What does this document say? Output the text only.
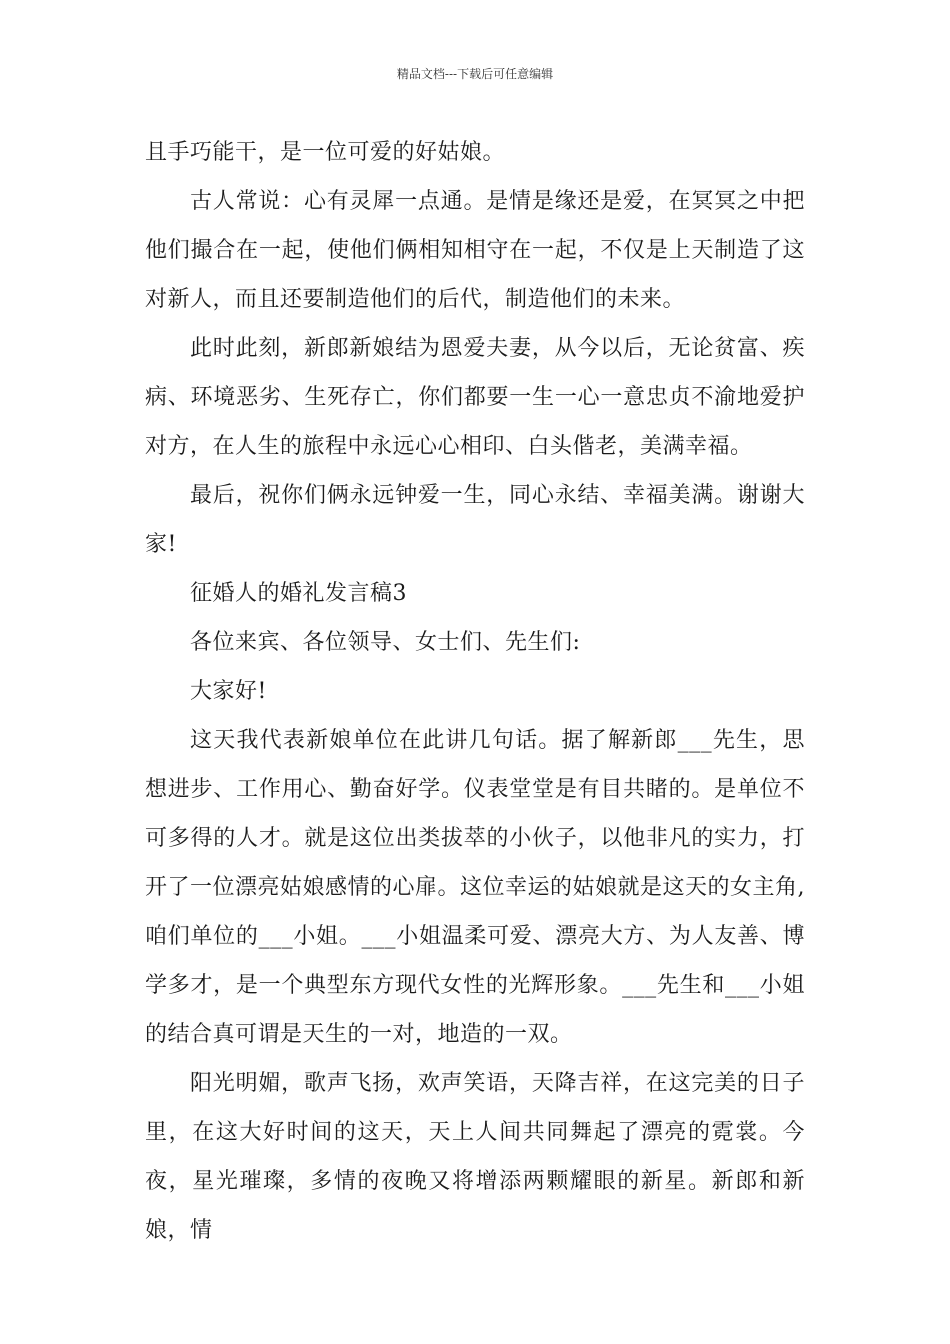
精品文档---下载后可任意编辑

且手巧能干，是一位可爱的好姑娘。

古人常说：心有灵犀一点通。是情是缘还是爱，在冥冥之中把他们撮合在一起，使他们俩相知相守在一起，不仅是上天制造了这对新人，而且还要制造他们的后代，制造他们的未来。

此时此刻，新郎新娘结为恩爱夫妻，从今以后，无论贫富、疾病、环境恶劣、生死存亡，你们都要一生一心一意忠贞不渝地爱护对方，在人生的旅程中永远心心相印、白头偕老，美满幸福。

最后，祝你们俩永远钟爱一生，同心永结、幸福美满。谢谢大家!

征婚人的婚礼发言稿3

各位来宾、各位领导、女士们、先生们:

大家好!

这天我代表新娘单位在此讲几句话。据了解新郎___先生，思想进步、工作用心、勤奋好学。仪表堂堂是有目共睹的。是单位不可多得的人才。就是这位出类拔萃的小伙子，以他非凡的实力，打开了一位漂亮姑娘感情的心扉。这位幸运的姑娘就是这天的女主角,咱们单位的___小姐。___小姐温柔可爱、漂亮大方、为人友善、博学多才，是一个典型东方现代女性的光辉形象。___先生和___小姐的结合真可谓是天生的一对，地造的一双。

阳光明媚，歌声飞扬，欢声笑语，天降吉祥，在这完美的日子里，在这大好时间的这天，天上人间共同舞起了漂亮的霓裳。今夜，星光璀璨，多情的夜晚又将增添两颗耀眼的新星。新郎和新娘，情
